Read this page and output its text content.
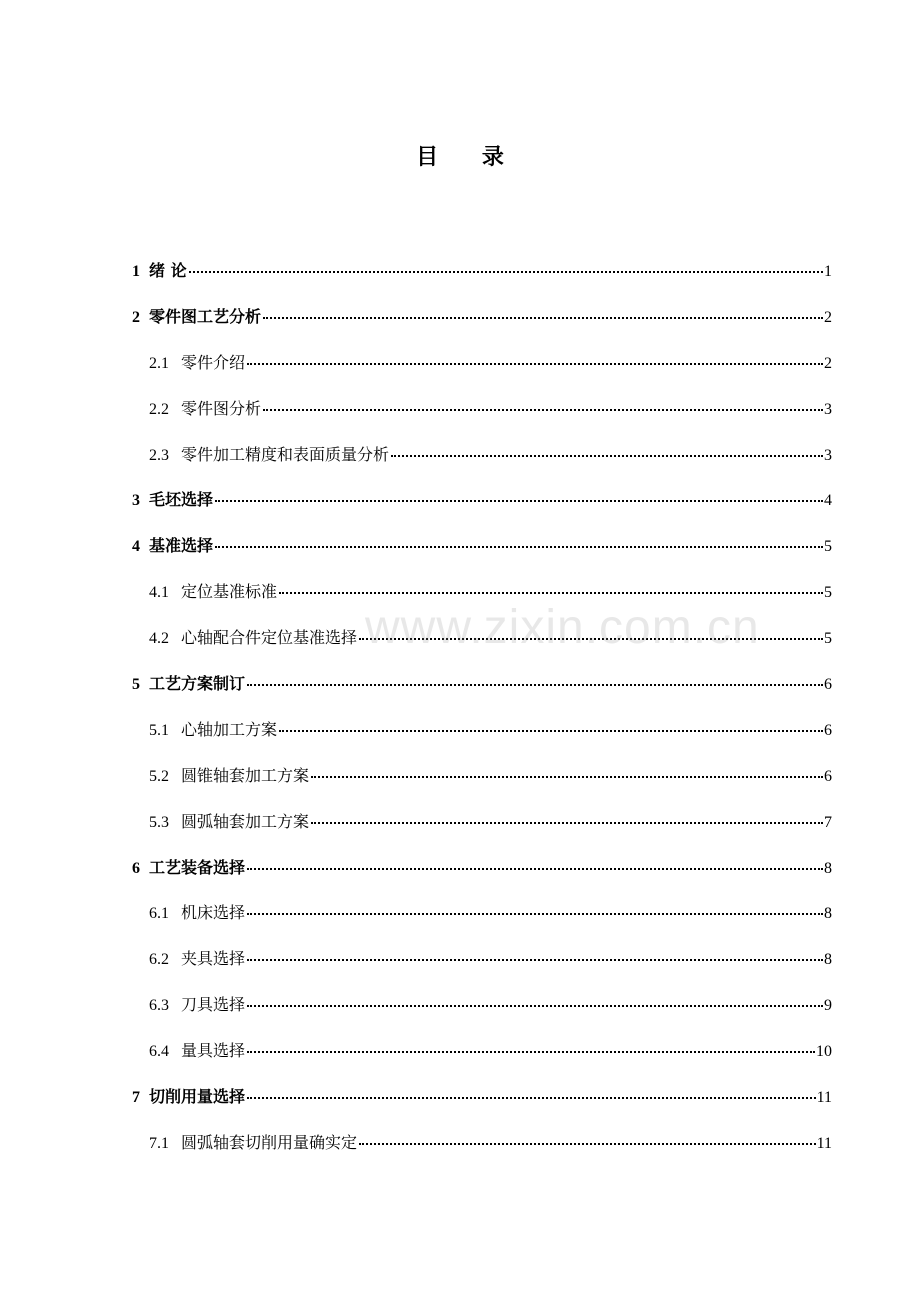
目 录
1 绪 论	1
2 零件图工艺分析	2
2.1 零件介绍	2
2.2 零件图分析	3
2.3 零件加工精度和表面质量分析	3
3 毛坯选择	4
4 基准选择	5
4.1 定位基准标准	5
4.2 心轴配合件定位基准选择	5
5 工艺方案制订	6
5.1 心轴加工方案	6
5.2 圆锥轴套加工方案	6
5.3 圆弧轴套加工方案	7
6 工艺装备选择	8
6.1 机床选择	8
6.2 夹具选择	8
6.3 刀具选择	9
6.4 量具选择	10
7 切削用量选择	11
7.1 圆弧轴套切削用量确实定	11
www.zixin.com.cn
